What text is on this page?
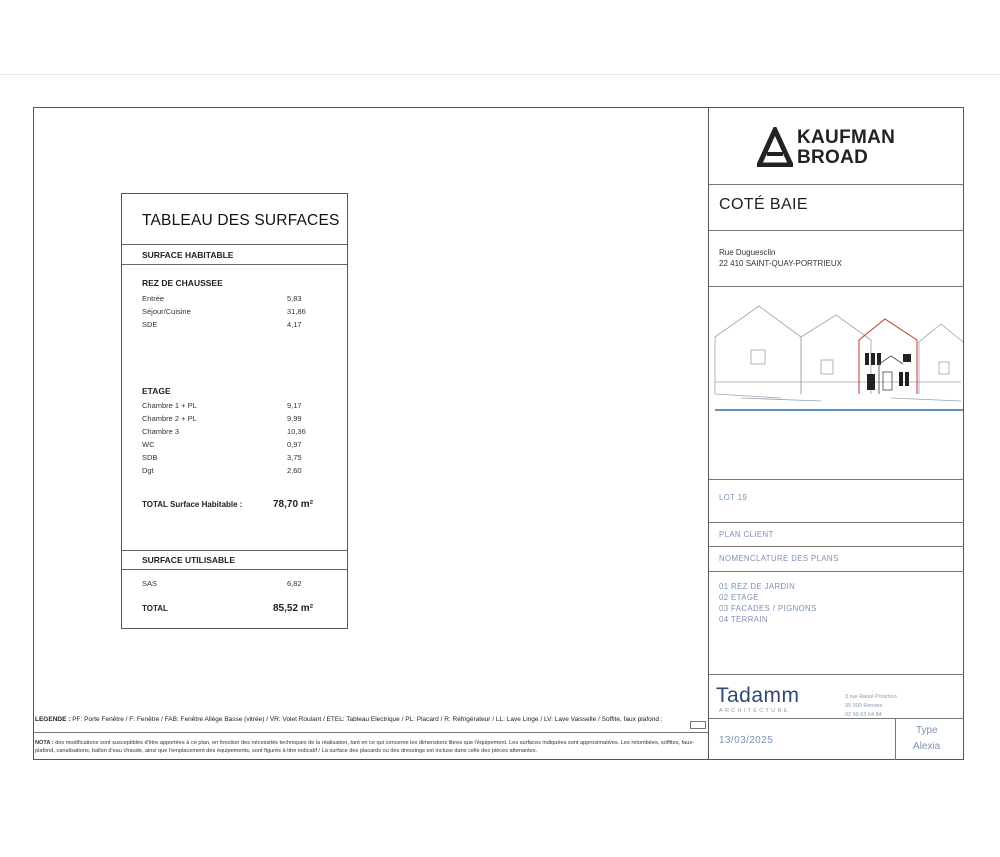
TABLEAU DES SURFACES
SURFACE HABITABLE
REZ DE CHAUSSEE
Entrée	5,83
Séjour/Cuisine	31,86
SDE	4,17
ETAGE
Chambre 1 + PL	9,17
Chambre 2 + PL	9,99
Chambre 3	10,36
WC	0,97
SDB	3,75
Dgt	2,60
TOTAL Surface Habitable :	78,70 m²
SURFACE UTILISABLE
SAS	6,82
TOTAL	85,52 m²
KAUFMAN
BROAD
COTÉ BAIE
Rue Duguesclin
22 410 SAINT-QUAY-PORTRIEUX
LOT 19
PLAN CLIENT
NOMENCLATURE DES PLANS
01 REZ DE JARDIN
02 ETAGE
03 FACADES / PIGNONS
04 TERRAIN
Tadamm
ARCHITECTURE
3 rue Raoul Ponchon
35 000 Rennes
02 99 63 64 84
13/03/2025
Type
Alexia
LEGENDE : PF: Porte Fenêtre / F: Fenêtre / FAB: Fenêtre Allège Basse (vitrée) / VR: Volet Roulant / ETEL: Tableau Electrique / PL: Placard / R: Réfrigérateur / LL: Lave Linge / LV: Lave Vaisselle / Soffite, faux plafond :
NOTA : des modifications sont susceptibles d'être apportées à ce plan, en fonction des nécessités techniques de la réalisation, tant en ce qui concerne les dimensions libres que l'équipement. Les surfaces indiquées sont approximatives. Les retombées, soffites, faux-plafond, canalisations, ballon d'eau chaude, ainsi que l'emplacement des équipements, sont figurés à titre indicatif / La surface des placards ou des dressings est incluse dans celle des pièces attenantes.
